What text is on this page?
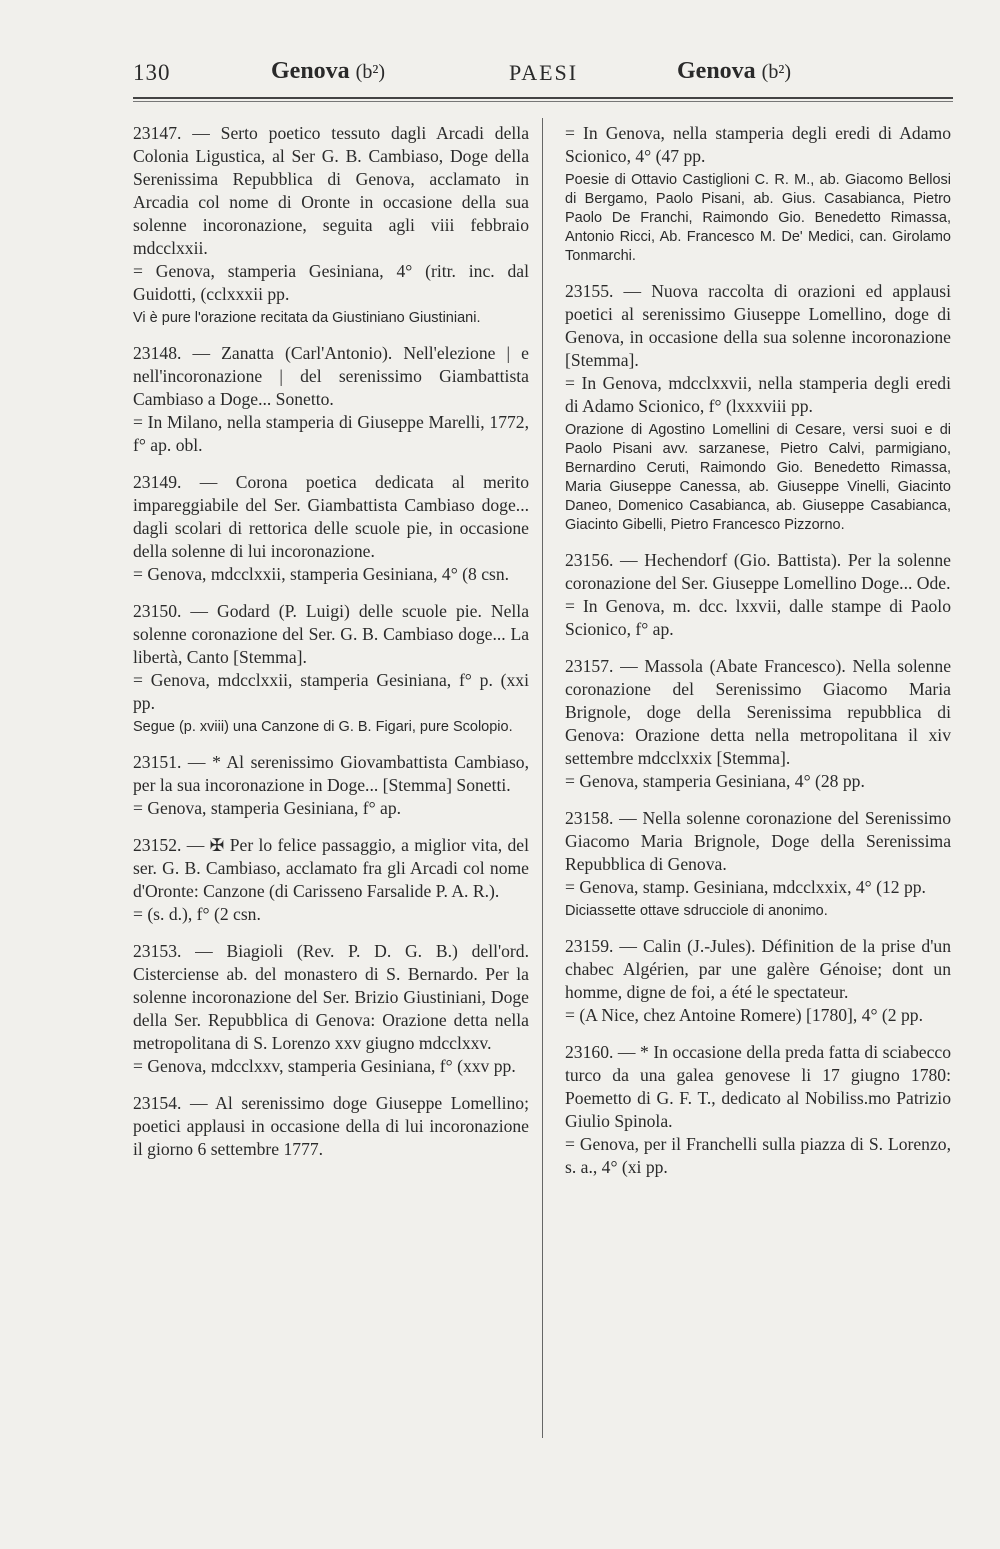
130	Genova (b²)	PAESI	Genova (b²)

23147. — Serto poetico tessuto dagli Arcadi della Colonia Ligustica, al Ser G. B. Cambiaso, Doge della Serenissima Repubblica di Genova, acclamato in Arcadia col nome di Oronte in occasione della sua solenne incoronazione, seguita agli viii febbraio mdcclxxii.

= Genova, stamperia Gesiniana, 4° (ritr. inc. dal Guidotti, (cclxxxii pp.

Vi è pure l'orazione recitata da Giustiniano Giustiniani.

23148. — Zanatta (Carl'Antonio). Nell'elezione | e nell'incoronazione | del serenissimo Giambattista Cambiaso a Doge... Sonetto.

= In Milano, nella stamperia di Giuseppe Marelli, 1772, f° ap. obl.

23149. — Corona poetica dedicata al merito impareggiabile del Ser. Giambattista Cambiaso doge... dagli scolari di rettorica delle scuole pie, in occasione della solenne di lui incoronazione.

= Genova, mdcclxxii, stamperia Gesiniana, 4° (8 csn.

23150. — Godard (P. Luigi) delle scuole pie. Nella solenne coronazione del Ser. G. B. Cambiaso doge... La libertà, Canto [Stemma].

= Genova, mdcclxxii, stamperia Gesiniana, f° p. (xxi pp.

Segue (p. xviii) una Canzone di G. B. Figari, pure Scolopio.

23151. — * Al serenissimo Giovambattista Cambiaso, per la sua incoronazione in Doge... [Stemma] Sonetti.

= Genova, stamperia Gesiniana, f° ap.

23152. — ✠ Per lo felice passaggio, a miglior vita, del ser. G. B. Cambiaso, acclamato fra gli Arcadi col nome d'Oronte: Canzone (di Carisseno Farsalide P. A. R.).

= (s. d.), f° (2 csn.

23153. — Biagioli (Rev. P. D. G. B.) dell'ord. Cisterciense ab. del monastero di S. Bernardo. Per la solenne incoronazione del Ser. Brizio Giustiniani, Doge della Ser. Repubblica di Genova: Orazione detta nella metropolitana di S. Lorenzo xxv giugno mdcclxxv.

= Genova, mdcclxxv, stamperia Gesiniana, f° (xxv pp.

23154. — Al serenissimo doge Giuseppe Lomellino; poetici applausi in occasione della di lui incoronazione il giorno 6 settembre 1777.

= In Genova, nella stamperia degli eredi di Adamo Scionico, 4° (47 pp.

Poesie di Ottavio Castiglioni C. R. M., ab. Giacomo Bellosi di Bergamo, Paolo Pisani, ab. Gius. Casabianca, Pietro Paolo De Franchi, Raimondo Gio. Benedetto Rimassa, Antonio Ricci, Ab. Francesco M. De' Medici, can. Girolamo Tonmarchi.

23155. — Nuova raccolta di orazioni ed applausi poetici al serenissimo Giuseppe Lomellino, doge di Genova, in occasione della sua solenne incoronazione [Stemma].

= In Genova, mdcclxxvii, nella stamperia degli eredi di Adamo Scionico, f° (lxxxviii pp.

Orazione di Agostino Lomellini di Cesare, versi suoi e di Paolo Pisani avv. sarzanese, Pietro Calvi, parmigiano, Bernardino Ceruti, Raimondo Gio. Benedetto Rimassa, Maria Giuseppe Canessa, ab. Giuseppe Vinelli, Giacinto Daneo, Domenico Casabianca, ab. Giuseppe Casabianca, Giacinto Gibelli, Pietro Francesco Pizzorno.

23156. — Hechendorf (Gio. Battista). Per la solenne coronazione del Ser. Giuseppe Lomellino Doge... Ode.

= In Genova, m. dcc. lxxvii, dalle stampe di Paolo Scionico, f° ap.

23157. — Massola (Abate Francesco). Nella solenne coronazione del Serenissimo Giacomo Maria Brignole, doge della Serenissima repubblica di Genova: Orazione detta nella metropolitana il xiv settembre mdcclxxix [Stemma].

= Genova, stamperia Gesiniana, 4° (28 pp.

23158. — Nella solenne coronazione del Serenissimo Giacomo Maria Brignole, Doge della Serenissima Repubblica di Genova.

= Genova, stamp. Gesiniana, mdcclxxix, 4° (12 pp.

Diciassette ottave sdrucciole di anonimo.

23159. — Calin (J.-Jules). Définition de la prise d'un chabec Algérien, par une galère Génoise; dont un homme, digne de foi, a été le spectateur.

= (A Nice, chez Antoine Romere) [1780], 4° (2 pp.

23160. — * In occasione della preda fatta di sciabecco turco da una galea genovese li 17 giugno 1780: Poemetto di G. F. T., dedicato al Nobiliss.mo Patrizio Giulio Spinola.

= Genova, per il Franchelli sulla piazza di S. Lorenzo, s. a., 4° (xi pp.
